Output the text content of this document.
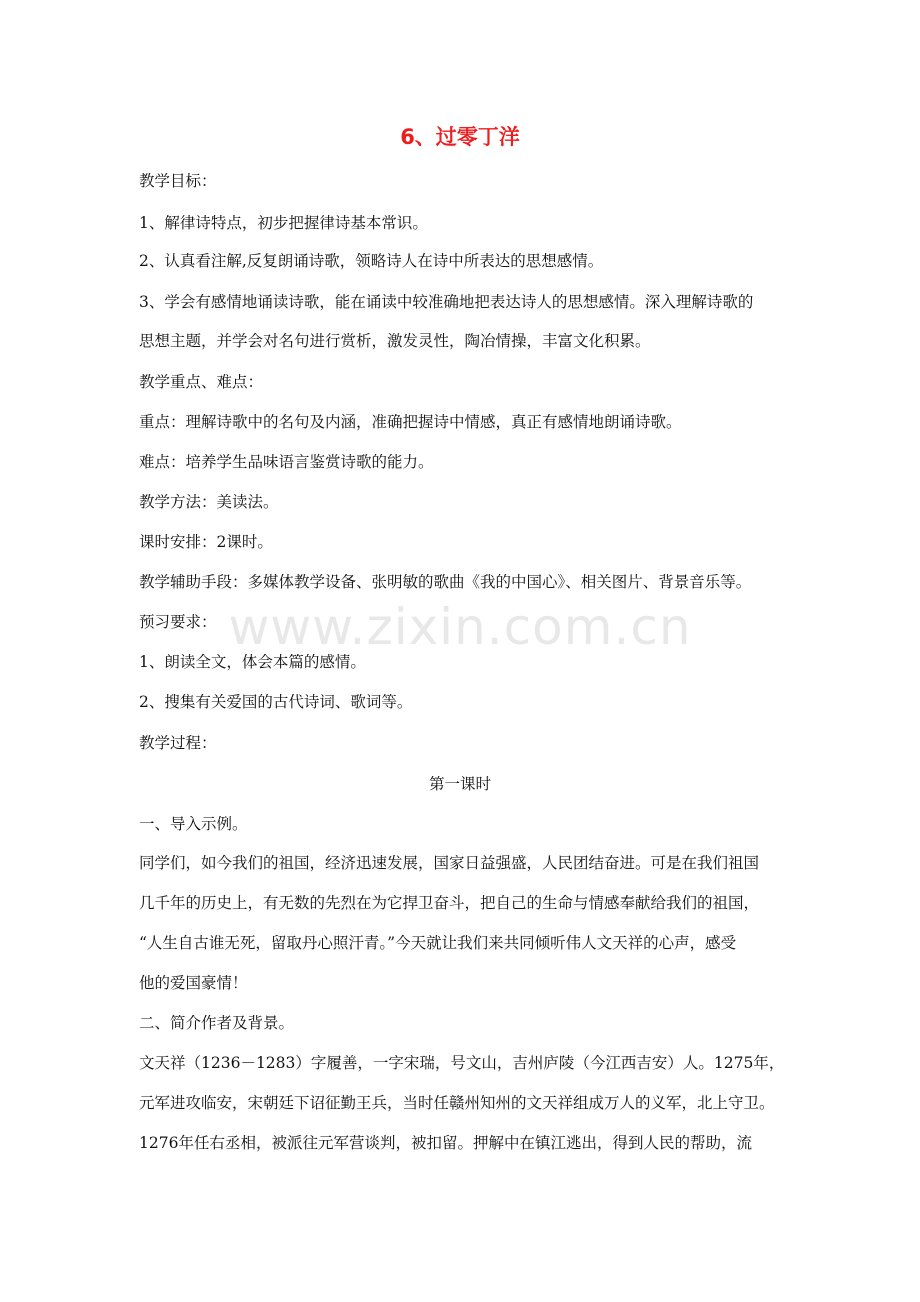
6、过零丁洋
教学目标：
1、解律诗特点，初步把握律诗基本常识。
2、认真看注解,反复朗诵诗歌，领略诗人在诗中所表达的思想感情。
3、学会有感情地诵读诗歌，能在诵读中较准确地把表达诗人的思想感情。深入理解诗歌的
思想主题，并学会对名句进行赏析，激发灵性，陶冶情操，丰富文化积累。
教学重点、难点：
重点：理解诗歌中的名句及内涵，准确把握诗中情感，真正有感情地朗诵诗歌。
难点：培养学生品味语言鉴赏诗歌的能力。
教学方法：美读法。
课时安排：2课时。
教学辅助手段：多媒体教学设备、张明敏的歌曲《我的中国心》、相关图片、背景音乐等。
预习要求：
1、朗读全文，体会本篇的感情。
2、搜集有关爱国的古代诗词、歌词等。
教学过程：
第一课时
一、导入示例。
同学们，如今我们的祖国，经济迅速发展，国家日益强盛，人民团结奋进。可是在我们祖国
几千年的历史上，有无数的先烈在为它捍卫奋斗，把自己的生命与情感奉献给我们的祖国，
“人生自古谁无死，留取丹心照汗青。”今天就让我们来共同倾听伟人文天祥的心声，感受
他的爱国豪情！
二、简介作者及背景。
文天祥（1236－1283）字履善，一字宋瑞，号文山，吉州庐陵（今江西吉安）人。1275年，
元军进攻临安，宋朝廷下诏征勤王兵，当时任赣州知州的文天祥组成万人的义军，北上守卫。
1276年任右丞相，被派往元军营谈判，被扣留。押解中在镇江逃出，得到人民的帮助，流
www.zixin.com.cn
